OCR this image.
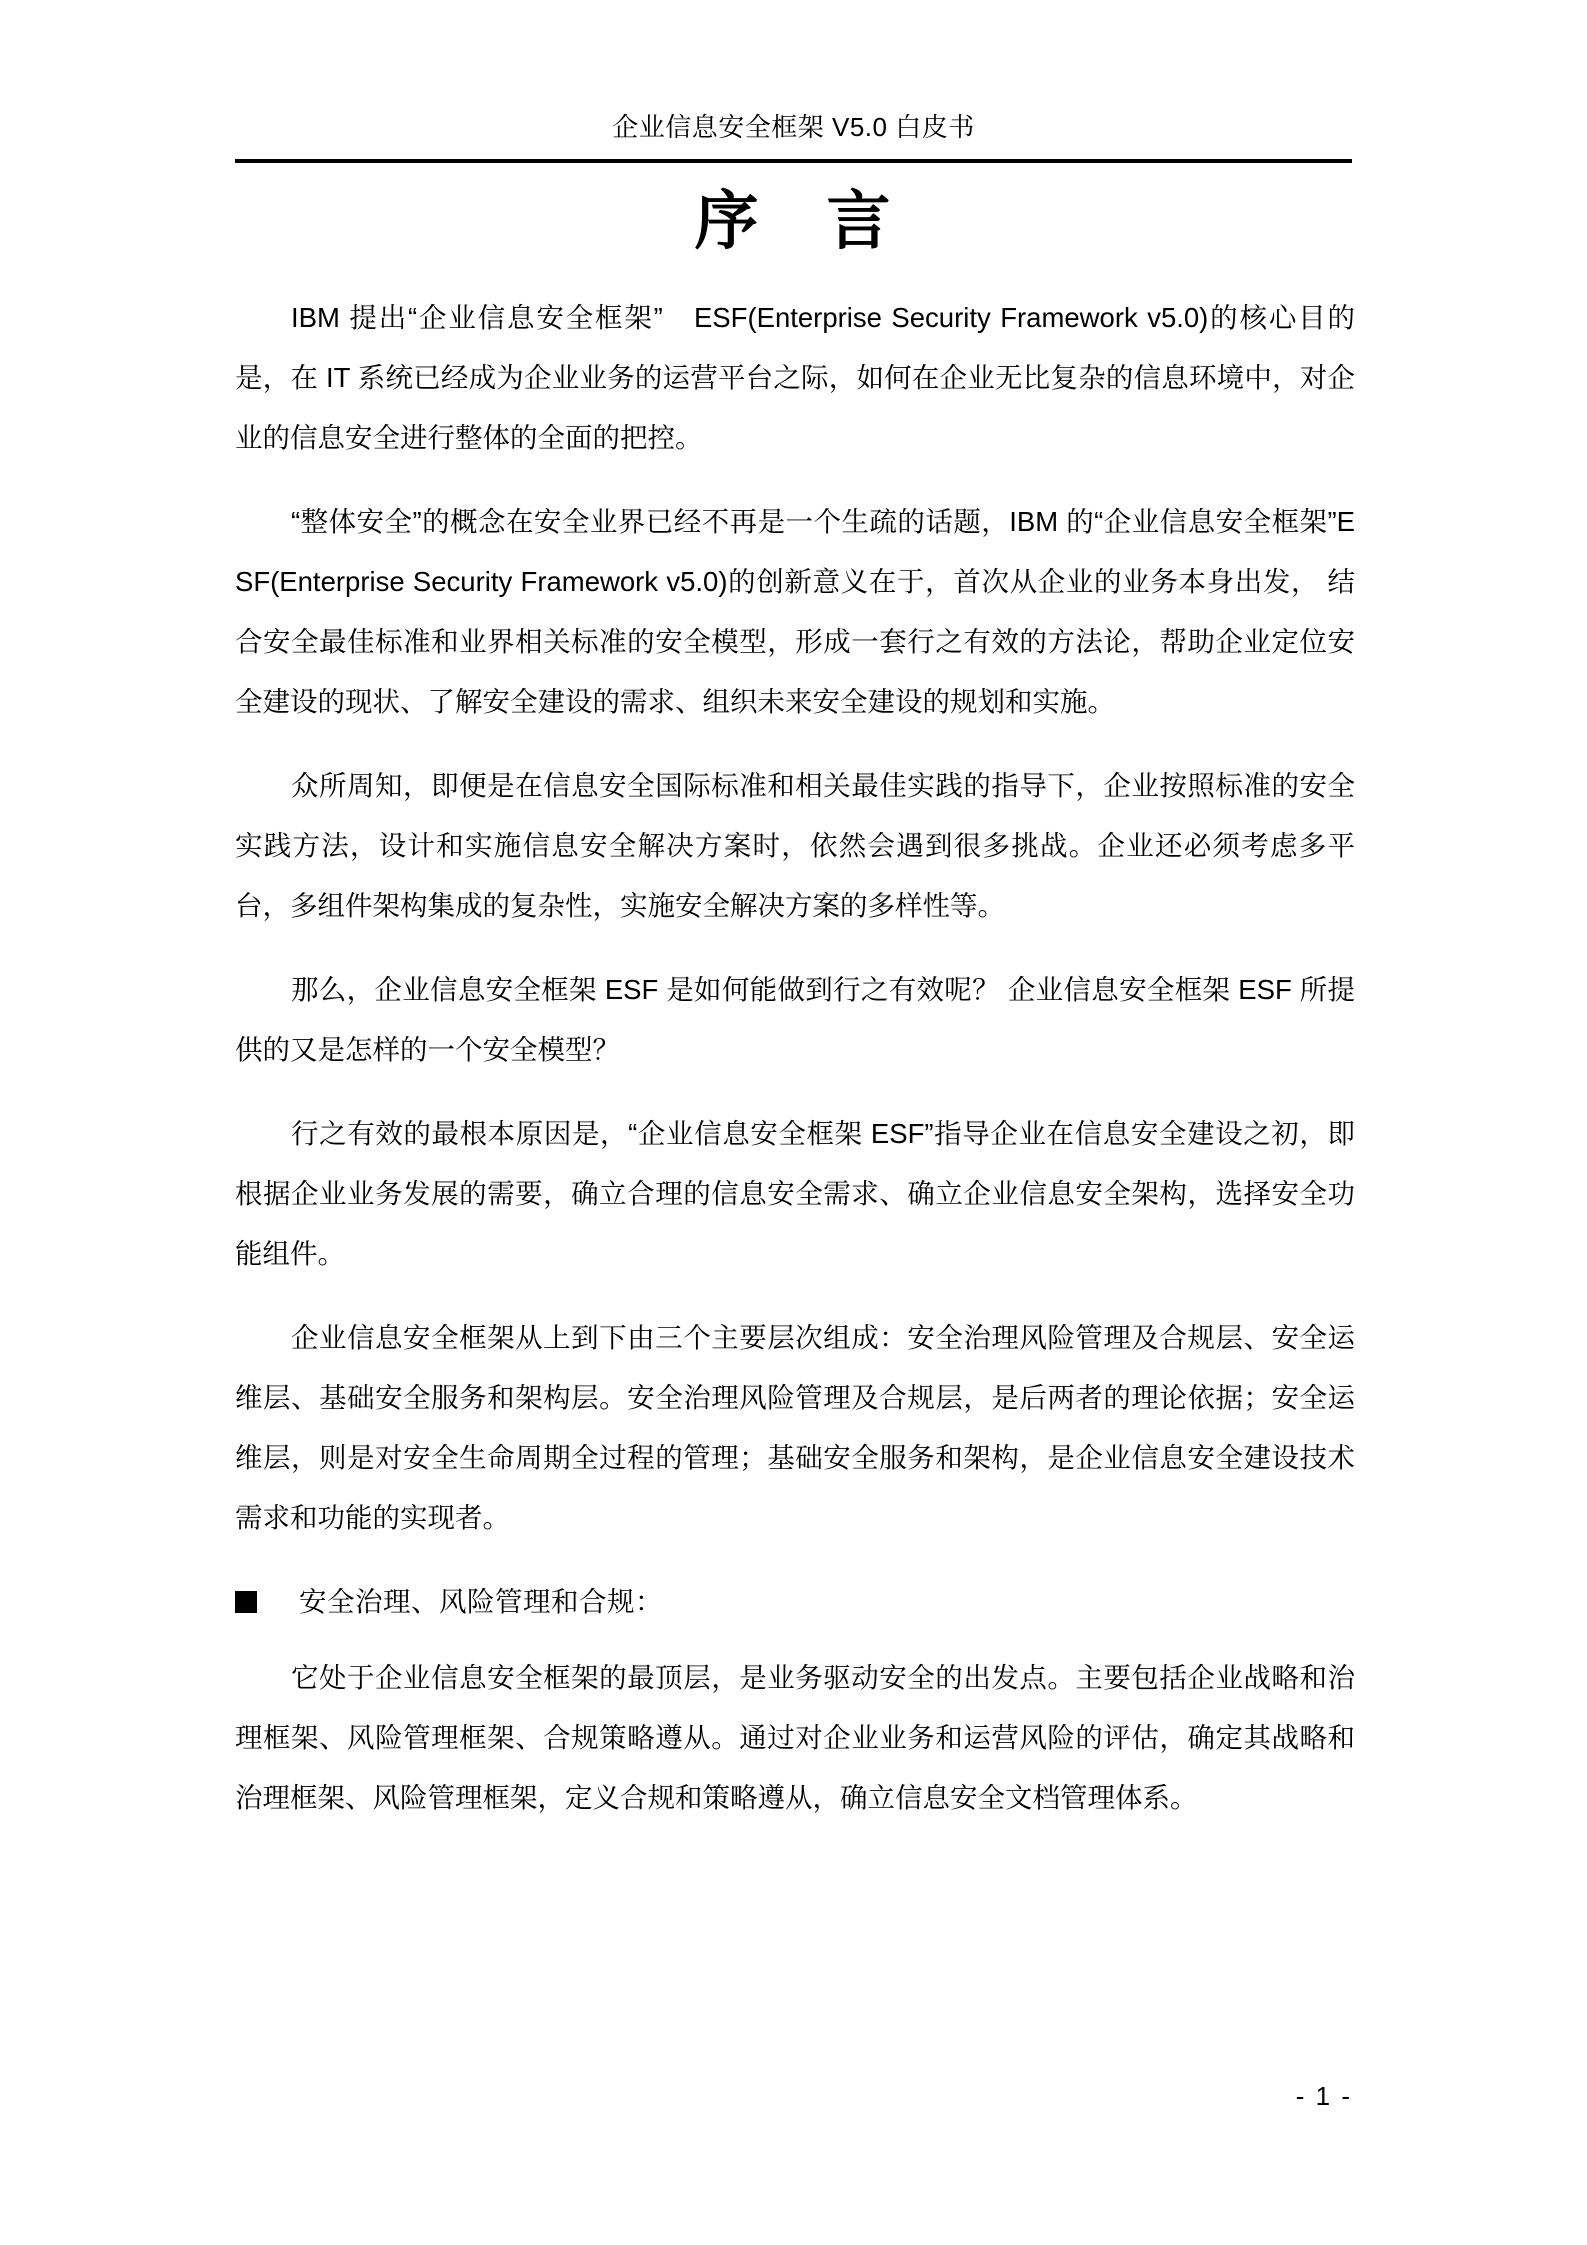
企业信息安全框架 V5.0 白皮书
序　言

IBM 提出“企业信息安全框架”　ESF(Enterprise Security Framework v5.0)的核心目的是，在 IT 系统已经成为企业业务的运营平台之际，如何在企业无比复杂的信息环境中，对企业的信息安全进行整体的全面的把控。

“整体安全”的概念在安全业界已经不再是一个生疏的话题，IBM 的“企业信息安全框架”ESF(Enterprise Security Framework v5.0)的创新意义在于，首次从企业的业务本身出发， 结合安全最佳标准和业界相关标准的安全模型，形成一套行之有效的方法论，帮助企业定位安全建设的现状、了解安全建设的需求、组织未来安全建设的规划和实施。

众所周知，即便是在信息安全国际标准和相关最佳实践的指导下，企业按照标准的安全实践方法，设计和实施信息安全解决方案时，依然会遇到很多挑战。企业还必须考虑多平台，多组件架构集成的复杂性，实施安全解决方案的多样性等。

那么，企业信息安全框架 ESF 是如何能做到行之有效呢？ 企业信息安全框架 ESF 所提供的又是怎样的一个安全模型？

行之有效的最根本原因是，“企业信息安全框架 ESF”指导企业在信息安全建设之初，即根据企业业务发展的需要，确立合理的信息安全需求、确立企业信息安全架构，选择安全功能组件。

企业信息安全框架从上到下由三个主要层次组成：安全治理风险管理及合规层、安全运维层、基础安全服务和架构层。安全治理风险管理及合规层，是后两者的理论依据；安全运维层，则是对安全生命周期全过程的管理；基础安全服务和架构，是企业信息安全建设技术需求和功能的实现者。

安全治理、风险管理和合规：

它处于企业信息安全框架的最顶层，是业务驱动安全的出发点。主要包括企业战略和治理框架、风险管理框架、合规策略遵从。通过对企业业务和运营风险的评估，确定其战略和治理框架、风险管理框架，定义合规和策略遵从，确立信息安全文档管理体系。

- 1 -
